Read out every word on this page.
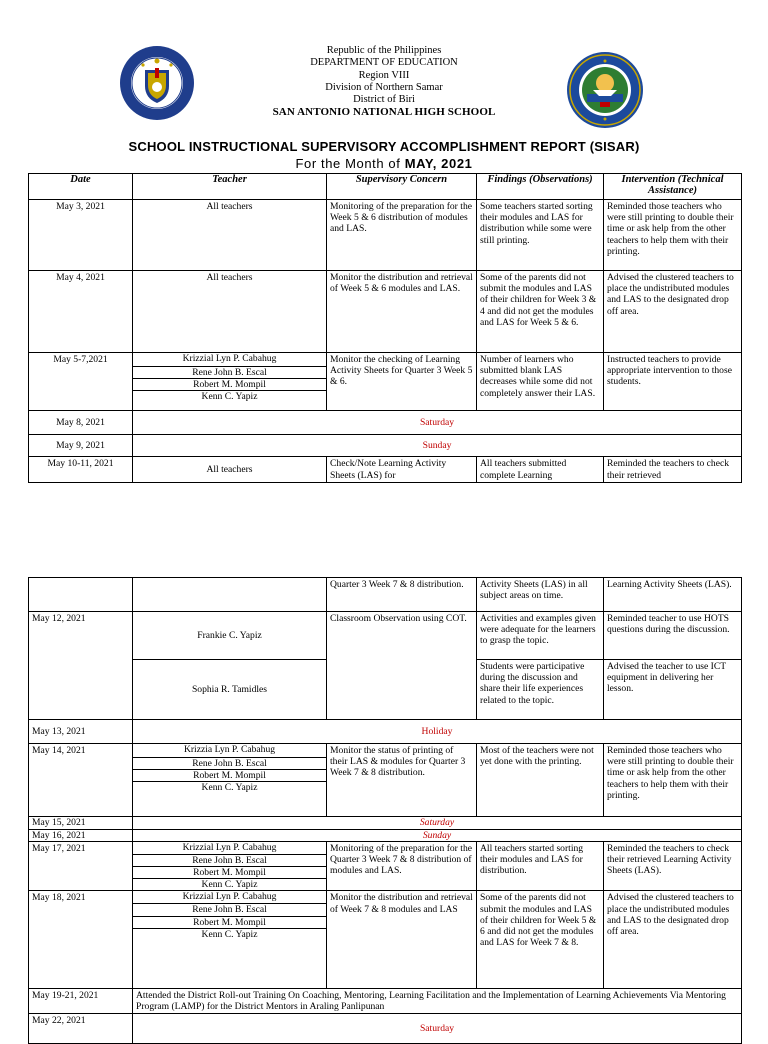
Republic of the Philippines
DEPARTMENT OF EDUCATION
Region VIII
Division of Northern Samar
District of Biri
SAN ANTONIO NATIONAL HIGH SCHOOL
SCHOOL INSTRUCTIONAL SUPERVISORY ACCOMPLISHMENT REPORT (SISAR)
For the Month of MAY, 2021
Date	Teacher	Supervisory Concern	Findings (Observations)	Intervention (Technical Assistance)
May 3, 2021	All teachers	Monitoring of the preparation for the Week 5 & 6 distribution of modules and LAS.	Some teachers started sorting their modules and LAS for distribution while some were still printing.	Reminded those teachers who were still printing to double their time or ask help from the other teachers to help them with their printing.
May 4, 2021	All teachers	Monitor the distribution and retrieval of Week 5 & 6 modules and LAS.	Some of the parents did not submit the modules and LAS of their children for Week 3 & 4 and did not get the modules and LAS for Week 5 & 6.	Advised the clustered teachers to place the undistributed modules and LAS to the designated drop off area.
May 5-7,2021	Krizzial Lyn P. Cabahug	Monitor the checking of Learning Activity Sheets for Quarter 3 Week 5 & 6.	Number of learners who submitted blank LAS decreases while some did not completely answer their LAS.	Instructed teachers to provide appropriate intervention to those students.
	Rene John B. Escal			
	Robert M. Mompil			
	Kenn C. Yapiz			
May 8, 2021	Saturday			
May 9, 2021	Sunday			
May 10-11, 2021	All teachers	Check/Note Learning Activity Sheets (LAS) for	All teachers submitted complete Learning	Reminded the teachers to check their retrieved
		Quarter 3 Week 7 & 8 distribution.	Activity Sheets (LAS) in all subject areas on time.	Learning Activity Sheets (LAS).
May 12, 2021	Frankie C. Yapiz	Classroom Observation using COT.	Activities and examples given were adequate for the learners to grasp the topic.	Reminded teacher to use HOTS questions during the discussion.
	Sophia R. Tamidles		Students were participative during the discussion and share their life experiences related to the topic.	Advised the teacher to use ICT equipment in delivering her lesson.
May 13, 2021	Holiday			
May 14, 2021	Krizzia Lyn P. Cabahug	Monitor the status of printing of their LAS & modules for Quarter 3 Week 7 & 8 distribution.	Most of the teachers were not yet done with the printing.	Reminded those teachers who were still printing to double their time or ask help from the other teachers to help them with their printing.
	Rene John B. Escal			
	Robert M. Mompil			
	Kenn C. Yapiz			
May 15, 2021	Saturday			
May 16, 2021	Sunday			
May 17, 2021	Krizzial Lyn P. Cabahug	Monitoring of the preparation for the Quarter 3 Week 7 & 8 distribution of modules and LAS.	All teachers started sorting their modules and LAS for distribution.	Reminded the teachers to check their retrieved Learning Activity Sheets (LAS).
	Rene John B. Escal			
	Robert M. Mompil			
	Kenn C. Yapiz			
May 18, 2021	Krizzial Lyn P. Cabahug	Monitor the distribution and retrieval of Week 7 & 8 modules and LAS	Some of the parents did not submit the modules and LAS of their children for Week 5 & 6 and did not get the modules and LAS for Week 7 & 8.	Advised the clustered teachers to place the undistributed modules and LAS to the designated drop off area.
	Rene John B. Escal			
	Robert M. Mompil			
	Kenn C. Yapiz			
May 19-21, 2021	Attended the District Roll-out Training On Coaching, Mentoring, Learning Facilitation and the Implementation of Learning Achievements Via Mentoring Program (LAMP) for the District Mentors in Araling Panlipunan			
May 22, 2021	Saturday			
